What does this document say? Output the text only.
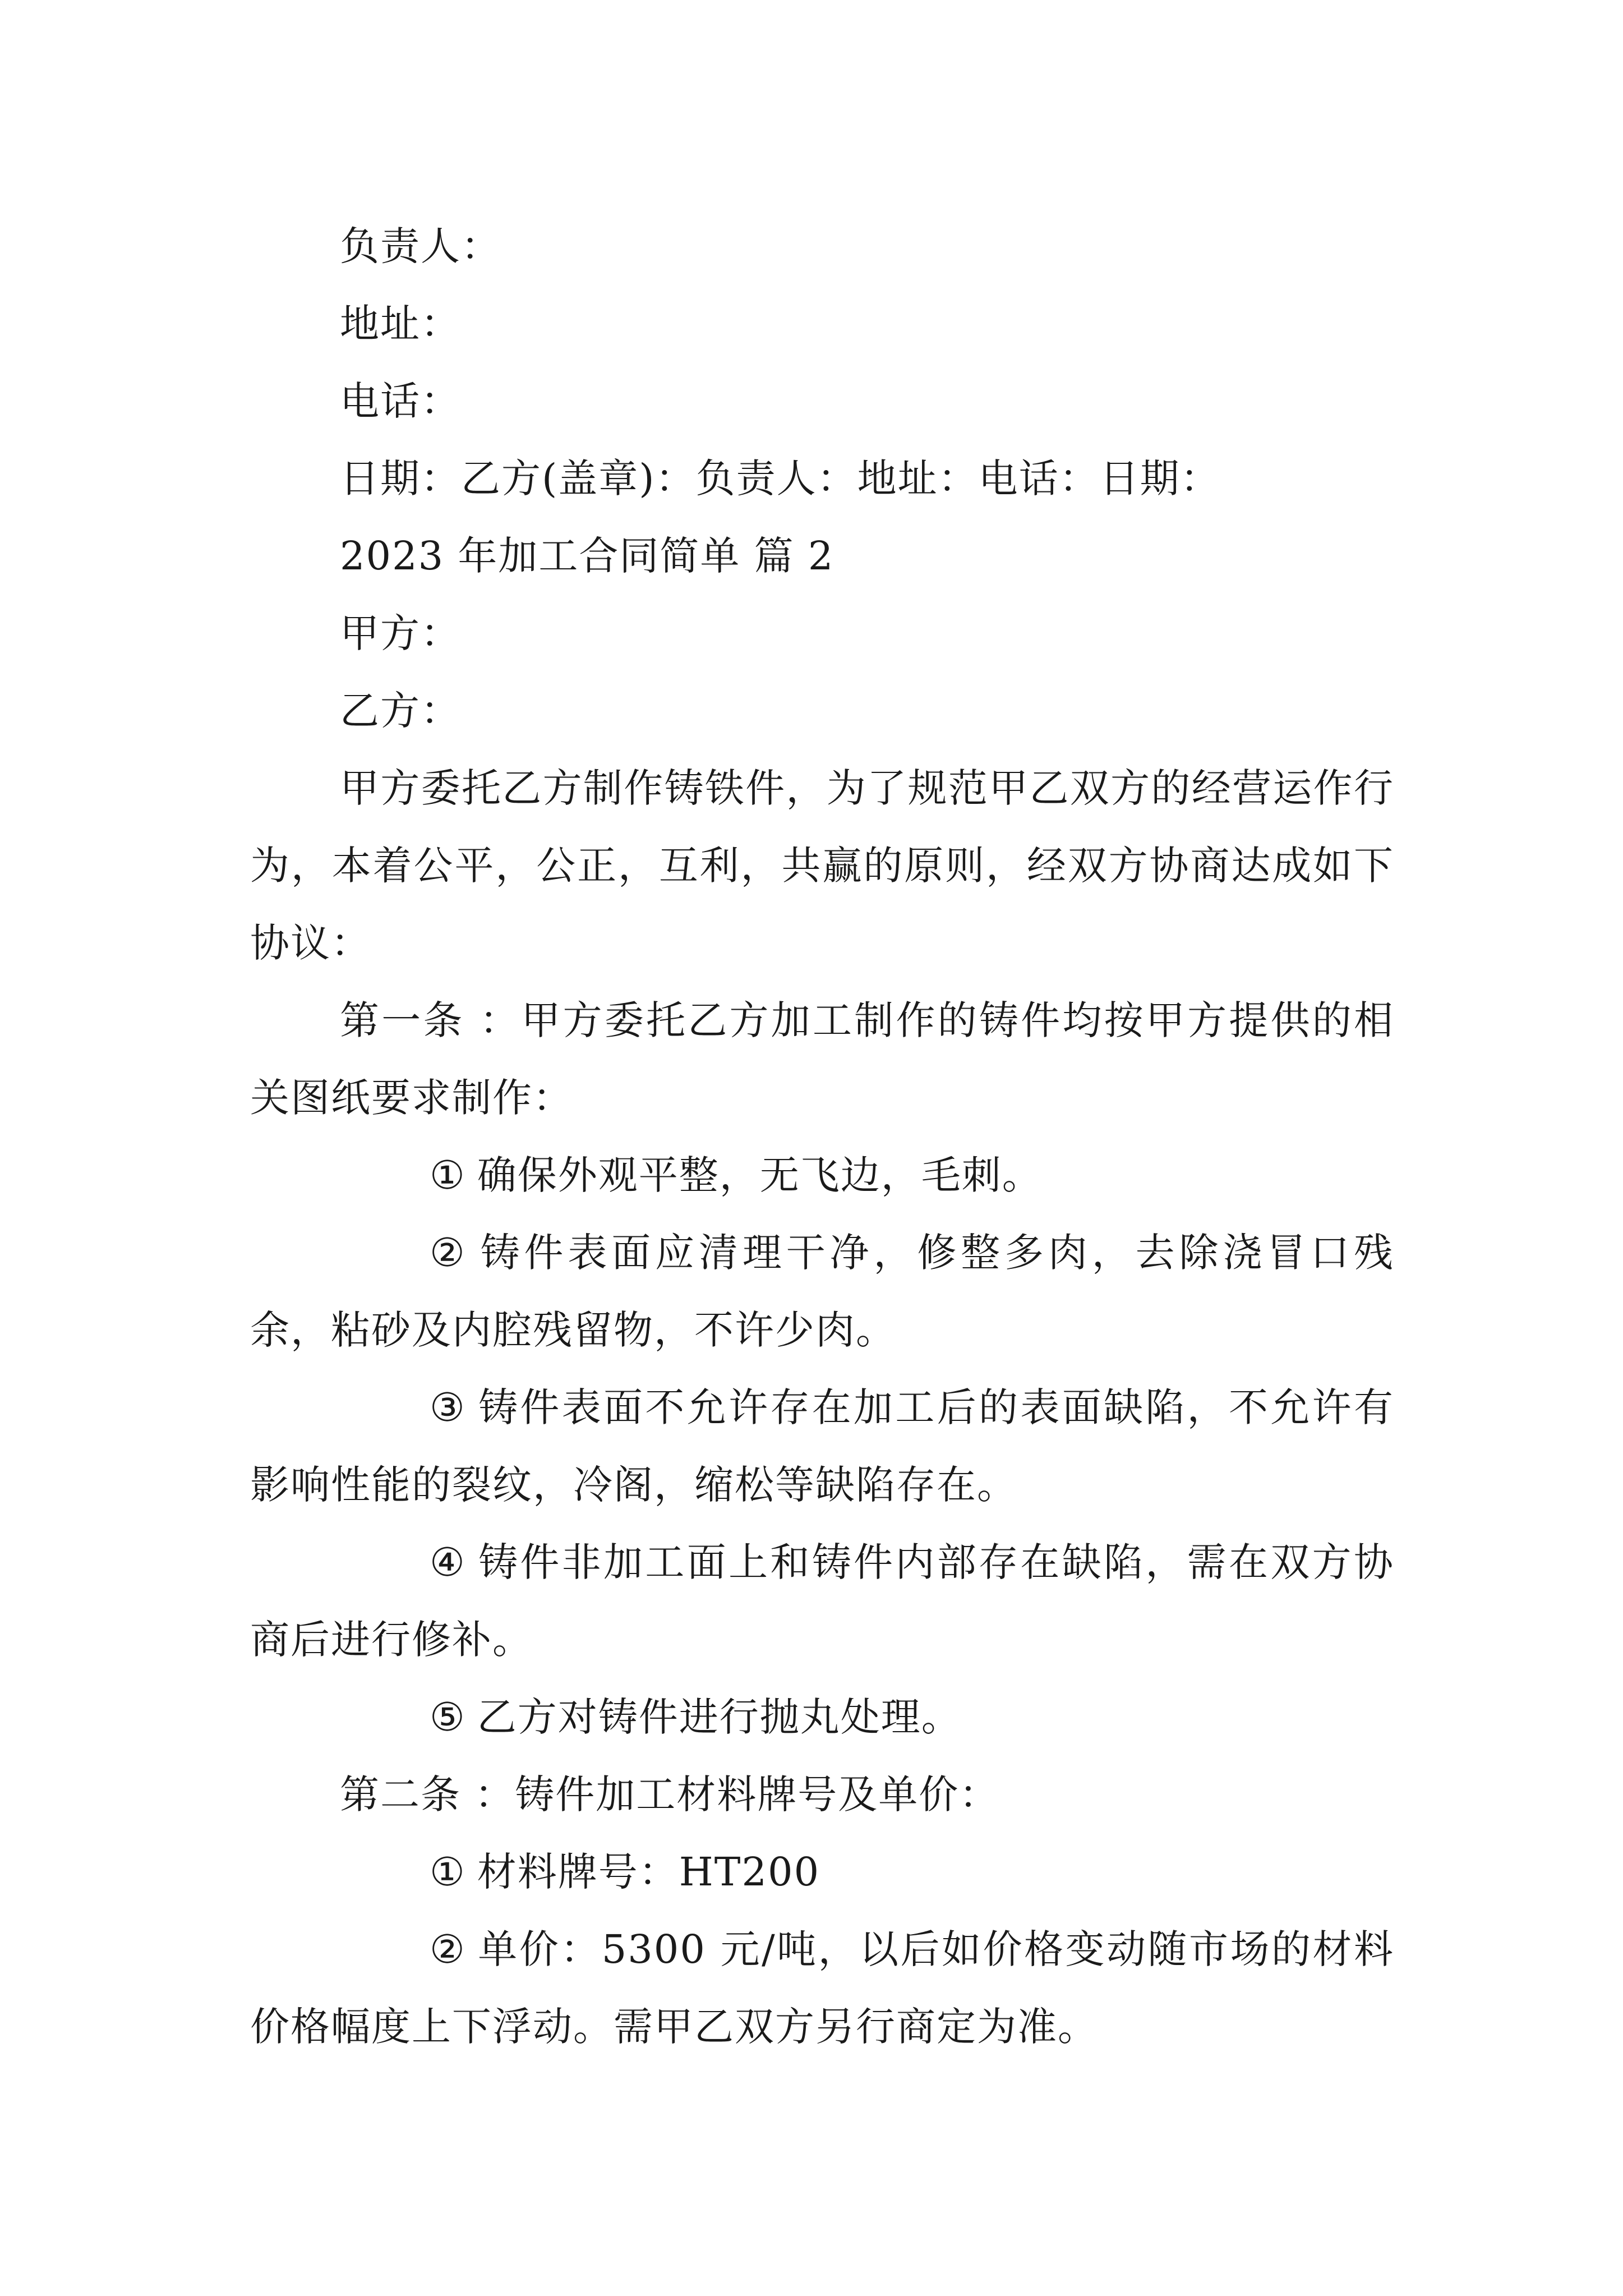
负责人：

地址：

电话：

日期：乙方(盖章)：负责人：地址：电话：日期：

2023 年加工合同简单 篇 2

甲方：

乙方：

甲方委托乙方制作铸铁件，为了规范甲乙双方的经营运作行为，本着公平，公正，互利，共赢的原则，经双方协商达成如下协议：

第一条 ：甲方委托乙方加工制作的铸件均按甲方提供的相关图纸要求制作：

① 确保外观平整，无飞边，毛刺。

② 铸件表面应清理干净，修整多肉，去除浇冒口残余，粘砂及内腔残留物，不许少肉。

③ 铸件表面不允许存在加工后的表面缺陷，不允许有影响性能的裂纹，冷阁，缩松等缺陷存在。

④ 铸件非加工面上和铸件内部存在缺陷，需在双方协商后进行修补。

⑤ 乙方对铸件进行抛丸处理。

第二条 ：铸件加工材料牌号及单价：

① 材料牌号：HT200

② 单价：5300 元/吨，以后如价格变动随市场的材料价格幅度上下浮动。需甲乙双方另行商定为准。
